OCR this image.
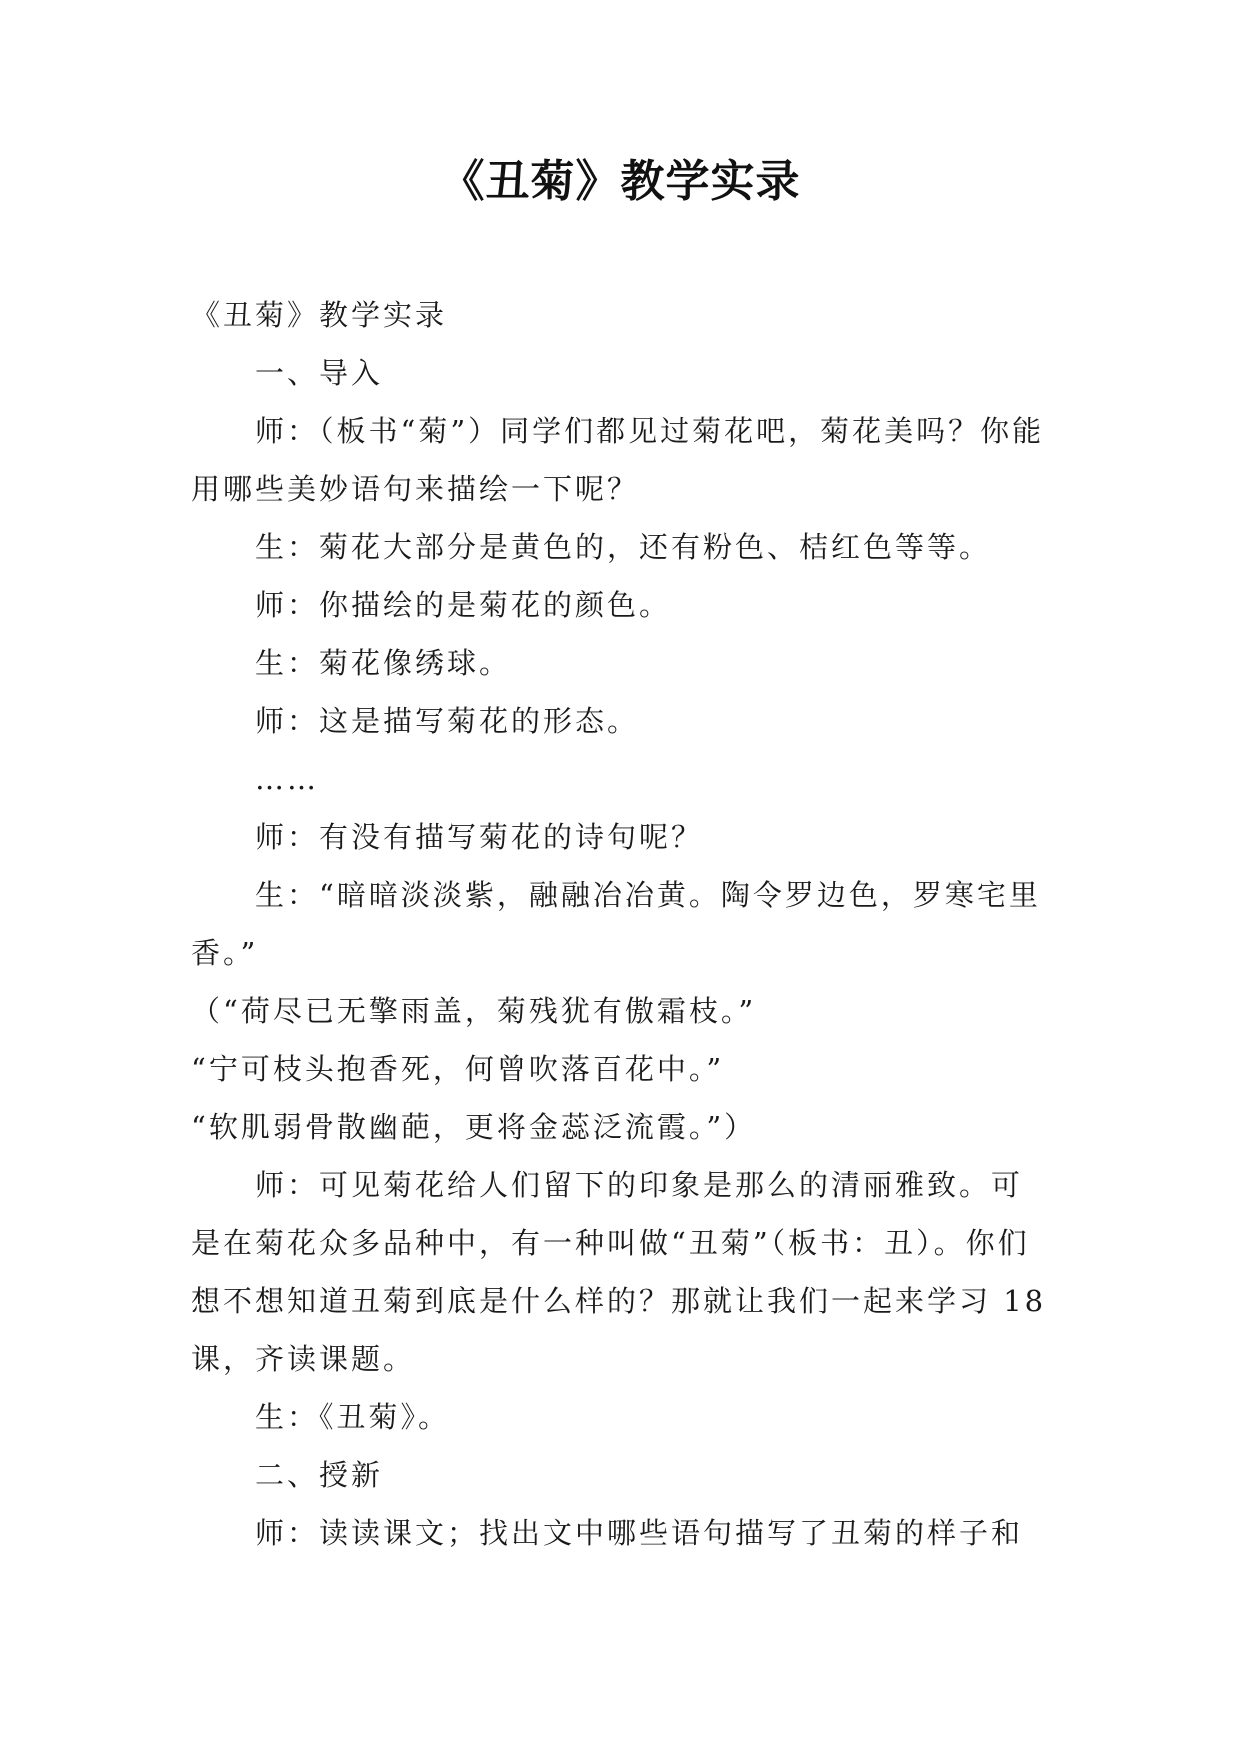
《丑菊》教学实录

《丑菊》教学实录

一、导入

师：（板书“菊”）同学们都见过菊花吧，菊花美吗？你能用哪些美妙语句来描绘一下呢？

生：菊花大部分是黄色的，还有粉色、桔红色等等。

师：你描绘的是菊花的颜色。

生：菊花像绣球。

师：这是描写菊花的形态。

……

师：有没有描写菊花的诗句呢？

生：“暗暗淡淡紫，融融冶冶黄。陶令罗边色，罗寒宅里香。”

（“荷尽已无擎雨盖，菊残犹有傲霜枝。”

“宁可枝头抱香死，何曾吹落百花中。”

“软肌弱骨散幽葩，更将金蕊泛流霞。”）

师：可见菊花给人们留下的印象是那么的清丽雅致。可是在菊花众多品种中，有一种叫做“丑菊”（板书：丑）。你们想不想知道丑菊到底是什么样的？那就让我们一起来学习 18 课，齐读课题。

生：《丑菊》。

二、授新

师：读读课文；找出文中哪些语句描写了丑菊的样子和
